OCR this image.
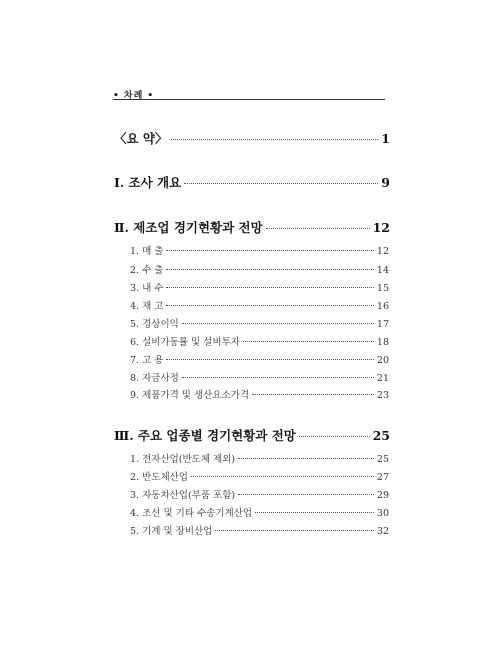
• 차례 •
〈요 약〉	1
Ⅰ. 조사 개요	9
Ⅱ. 제조업 경기현황과 전망	12
1. 매 출	12
2. 수 출	14
3. 내 수	15
4. 재 고	16
5. 경상이익	17
6. 설비가동률 및 설비투자	18
7. 고 용	20
8. 자금사정	21
9. 제품가격 및 생산요소가격	23
Ⅲ. 주요 업종별 경기현황과 전망	25
1. 전자산업(반도체 제외)	25
2. 반도체산업	27
3. 자동차산업(부품 포함)	29
4. 조선 및 기타 수송기계산업	30
5. 기계 및 장비산업	32
